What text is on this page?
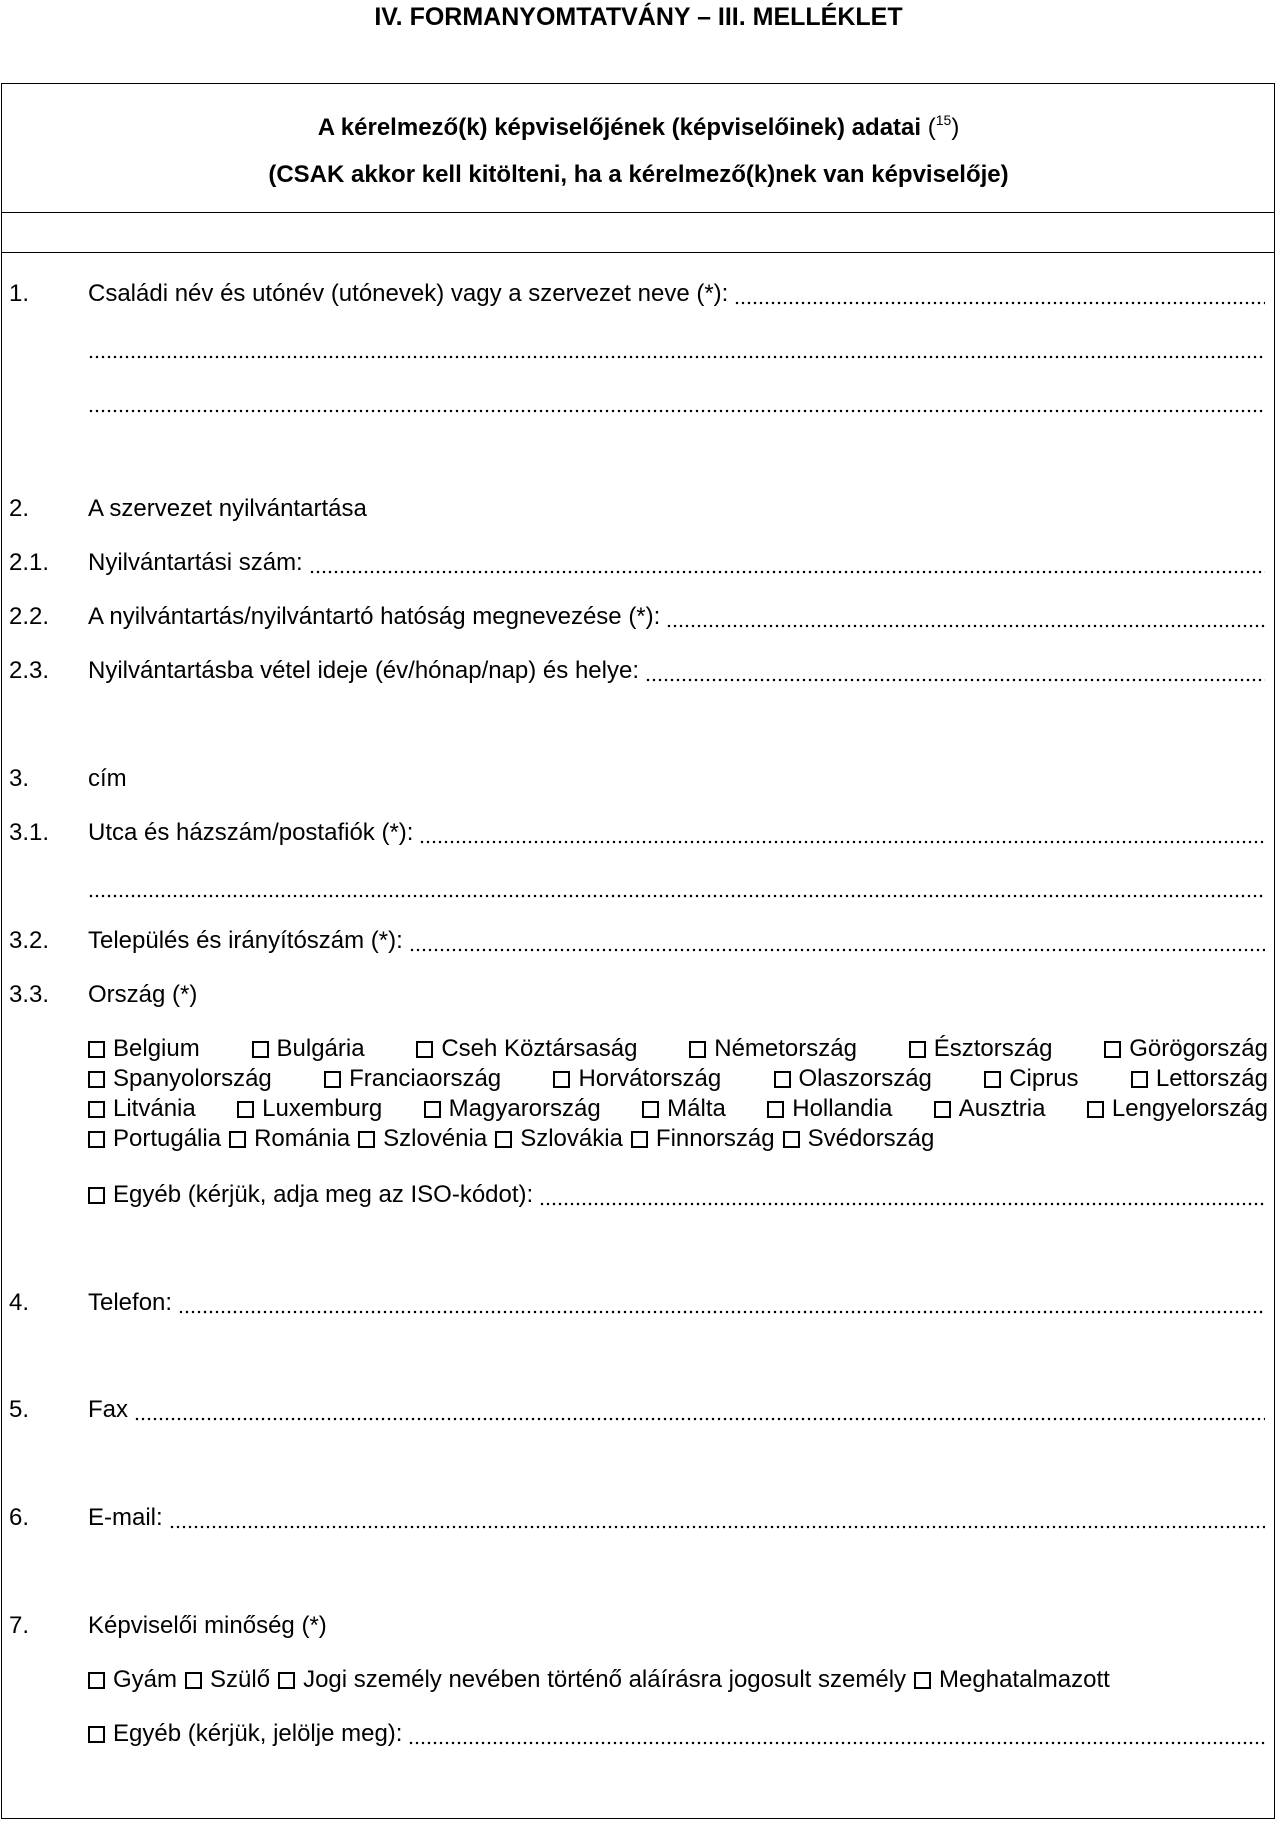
IV. FORMANYOMTATVÁNY – III. MELLÉKLET
A kérelmező(k) képviselőjének (képviselőinek) adatai ($^{15}$)
(CSAK akkor kell kitölteni, ha a kérelmező(k)nek van képviselője)
1. Családi név és utónév (utónevek) vagy a szervezet neve (*):
2. A szervezet nyilvántartása
2.1. Nyilvántartási szám:
2.2. A nyilvántartás/nyilvántartó hatóság megnevezése (*):
2.3. Nyilvántartásba vétel ideje (év/hónap/nap) és helye:
3. cím
3.1. Utca és házszám/postafiók (*):
3.2. Település és irányítószám (*):
3.3. Ország (*)
Belgium	Bulgária	Cseh Köztársaság	Németország	Észtország	Görögország
Spanyolország	Franciaország	Horvátország	Olaszország	Ciprus	Lettország
Litvánia	Luxemburg	Magyarország	Málta	Hollandia	Ausztria	Lengyelország
Portugália Románia Szlovénia Szlovákia Finnország Svédország
Egyéb (kérjük, adja meg az ISO-kódot):
4. Telefon:
5. Fax
6. E-mail:
7. Képviselői minőség (*)
Gyám Szülő Jogi személy nevében történő aláírásra jogosult személy Meghatalmazott
Egyéb (kérjük, jelölje meg):
